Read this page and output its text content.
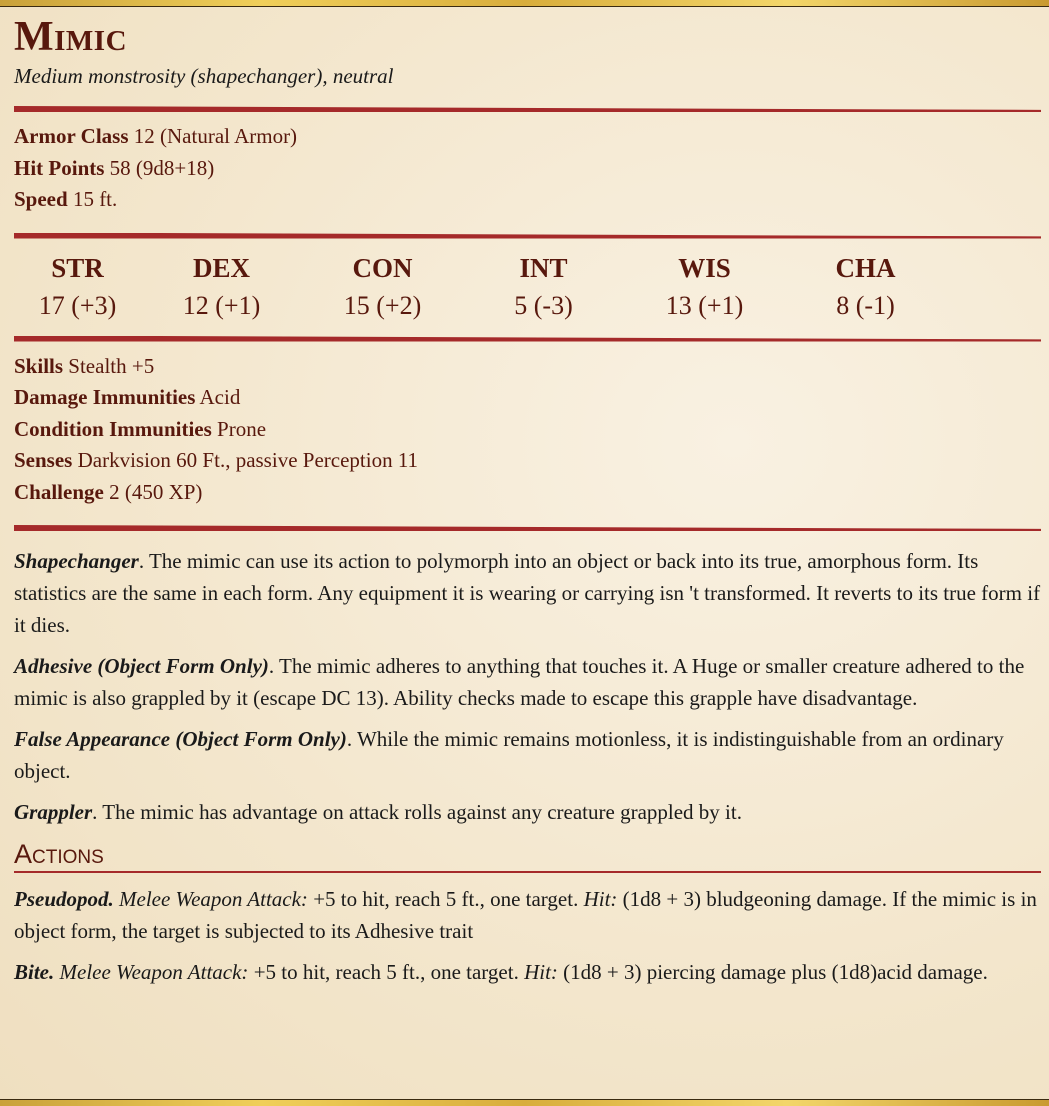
Mimic
Medium monstrosity (shapechanger), neutral
Armor Class 12 (Natural Armor)
Hit Points 58 (9d8+18)
Speed 15 ft.
STR
17 (+3)
DEX
12 (+1)
CON
15 (+2)
INT
5 (-3)
WIS
13 (+1)
CHA
8 (-1)
Skills Stealth +5
Damage Immunities Acid
Condition Immunities Prone
Senses Darkvision 60 Ft., passive Perception 11
Challenge 2 (450 XP)

Shapechanger. The mimic can use its action to polymorph into an object or back into its true, amorphous form. Its statistics are the same in each form. Any equipment it is wearing or carrying isn 't transformed. It reverts to its true form if it dies.

Adhesive (Object Form Only). The mimic adheres to anything that touches it. A Huge or smaller creature adhered to the mimic is also grappled by it (escape DC 13). Ability checks made to escape this grapple have disadvantage.

False Appearance (Object Form Only). While the mimic remains motionless, it is indistinguishable from an ordinary object.

Grappler. The mimic has advantage on attack rolls against any creature grappled by it.

Actions

Pseudopod. Melee Weapon Attack: +5 to hit, reach 5 ft., one target. Hit: (1d8 + 3) bludgeoning damage. If the mimic is in object form, the target is subjected to its Adhesive trait

Bite. Melee Weapon Attack: +5 to hit, reach 5 ft., one target. Hit: (1d8 + 3) piercing damage plus (1d8)acid damage.
